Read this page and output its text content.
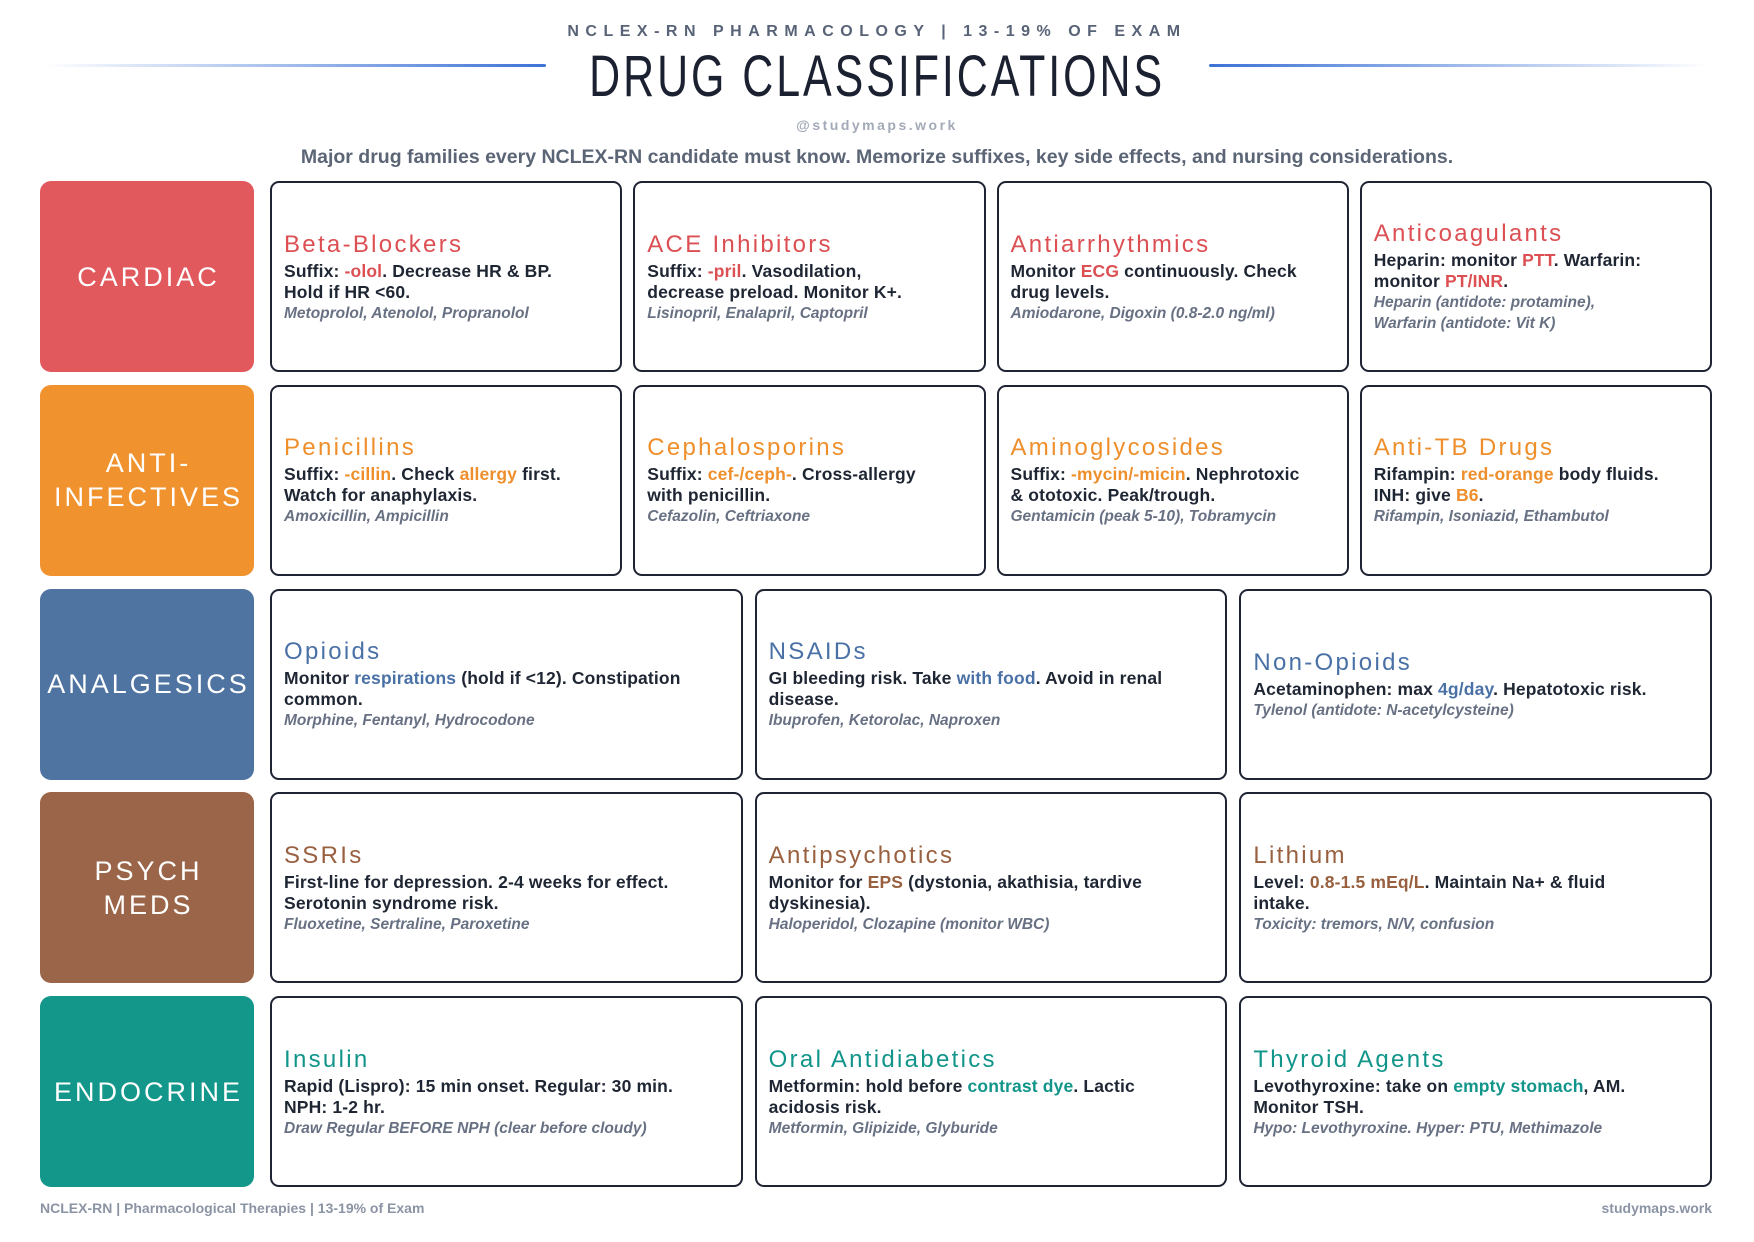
NCLEX-RN PHARMACOLOGY | 13-19% OF EXAM
DRUG CLASSIFICATIONS
@studymaps.work
Major drug families every NCLEX-RN candidate must know. Memorize suffixes, key side effects, and nursing considerations.
CARDIAC
Beta-Blockers
Suffix: -olol. Decrease HR & BP.
Hold if HR <60.
Metoprolol, Atenolol, Propranolol
ACE Inhibitors
Suffix: -pril. Vasodilation,
decrease preload. Monitor K+.
Lisinopril, Enalapril, Captopril
Antiarrhythmics
Monitor ECG continuously. Check
drug levels.
Amiodarone, Digoxin (0.8-2.0 ng/ml)
Anticoagulants
Heparin: monitor PTT. Warfarin:
monitor PT/INR.
Heparin (antidote: protamine),
Warfarin (antidote: Vit K)
ANTI-
INFECTIVES
Penicillins
Suffix: -cillin. Check allergy first.
Watch for anaphylaxis.
Amoxicillin, Ampicillin
Cephalosporins
Suffix: cef-/ceph-. Cross-allergy
with penicillin.
Cefazolin, Ceftriaxone
Aminoglycosides
Suffix: -mycin/-micin. Nephrotoxic
& ototoxic. Peak/trough.
Gentamicin (peak 5-10), Tobramycin
Anti-TB Drugs
Rifampin: red-orange body fluids.
INH: give B6.
Rifampin, Isoniazid, Ethambutol
ANALGESICS
Opioids
Monitor respirations (hold if <12). Constipation
common.
Morphine, Fentanyl, Hydrocodone
NSAIDs
GI bleeding risk. Take with food. Avoid in renal
disease.
Ibuprofen, Ketorolac, Naproxen
Non-Opioids
Acetaminophen: max 4g/day. Hepatotoxic risk.
Tylenol (antidote: N-acetylcysteine)
PSYCH
MEDS
SSRIs
First-line for depression. 2-4 weeks for effect.
Serotonin syndrome risk.
Fluoxetine, Sertraline, Paroxetine
Antipsychotics
Monitor for EPS (dystonia, akathisia, tardive
dyskinesia).
Haloperidol, Clozapine (monitor WBC)
Lithium
Level: 0.8-1.5 mEq/L. Maintain Na+ & fluid
intake.
Toxicity: tremors, N/V, confusion
ENDOCRINE
Insulin
Rapid (Lispro): 15 min onset. Regular: 30 min.
NPH: 1-2 hr.
Draw Regular BEFORE NPH (clear before cloudy)
Oral Antidiabetics
Metformin: hold before contrast dye. Lactic
acidosis risk.
Metformin, Glipizide, Glyburide
Thyroid Agents
Levothyroxine: take on empty stomach, AM.
Monitor TSH.
Hypo: Levothyroxine. Hyper: PTU, Methimazole
NCLEX-RN | Pharmacological Therapies | 13-19% of Exam	studymaps.work
